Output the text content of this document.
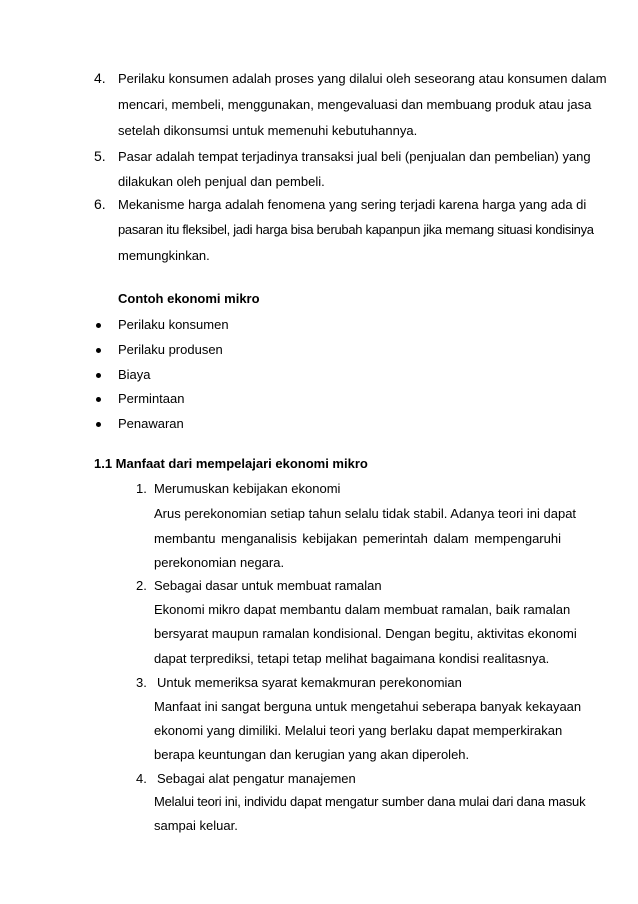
4. Perilaku konsumen adalah proses yang dilalui oleh seseorang atau konsumen dalam
mencari, membeli, menggunakan, mengevaluasi dan membuang produk atau jasa
setelah dikonsumsi untuk memenuhi kebutuhannya.
5. Pasar adalah tempat terjadinya transaksi jual beli (penjualan dan pembelian) yang
dilakukan oleh penjual dan pembeli.
6. Mekanisme harga adalah fenomena yang sering terjadi karena harga yang ada di
pasaran itu fleksibel, jadi harga bisa berubah kapanpun jika memang situasi kondisinya
memungkinkan.
Contoh ekonomi mikro
Perilaku konsumen
Perilaku produsen
Biaya
Permintaan
Penawaran
1.1 Manfaat dari mempelajari ekonomi mikro
1. Merumuskan kebijakan ekonomi
Arus perekonomian setiap tahun selalu tidak stabil. Adanya teori ini dapat
membantu menganalisis kebijakan pemerintah dalam mempengaruhi
perekonomian negara.
2. Sebagai dasar untuk membuat ramalan
Ekonomi mikro dapat membantu dalam membuat ramalan, baik ramalan
bersyarat maupun ramalan kondisional. Dengan begitu, aktivitas ekonomi
dapat terprediksi, tetapi tetap melihat bagaimana kondisi realitasnya.
3. Untuk memeriksa syarat kemakmuran perekonomian
Manfaat ini sangat berguna untuk mengetahui seberapa banyak kekayaan
ekonomi yang dimiliki. Melalui teori yang berlaku dapat memperkirakan
berapa keuntungan dan kerugian yang akan diperoleh.
4. Sebagai alat pengatur manajemen
Melalui teori ini, individu dapat mengatur sumber dana mulai dari dana masuk
sampai keluar.
